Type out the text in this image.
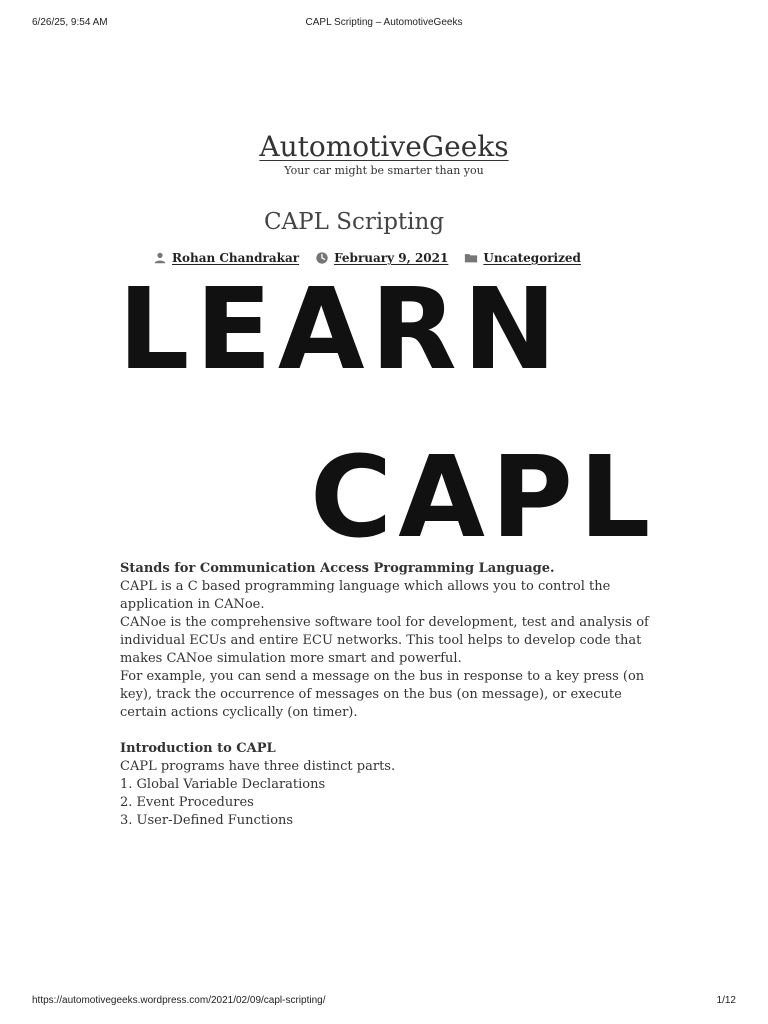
6/26/25, 9:54 AM	CAPL Scripting – AutomotiveGeeks
AutomotiveGeeks
Your car might be smarter than you
CAPL Scripting
Rohan Chandrakar	February 9, 2021	Uncategorized
LEARN
CAPL

Stands for Communication Access Programming Language.

CAPL is a C based programming language which allows you to control the application in CANoe.

CANoe is the comprehensive software tool for development, test and analysis of individual ECUs and entire ECU networks. This tool helps to develop code that makes CANoe simulation more smart and powerful.

For example, you can send a message on the bus in response to a key press (on key), track the occurrence of messages on the bus (on message), or execute certain actions cyclically (on timer).

Introduction to CAPL

CAPL programs have three distinct parts.

1. Global Variable Declarations

2. Event Procedures

3. User-Defined Functions

https://automotivegeeks.wordpress.com/2021/02/09/capl-scripting/	1/12
